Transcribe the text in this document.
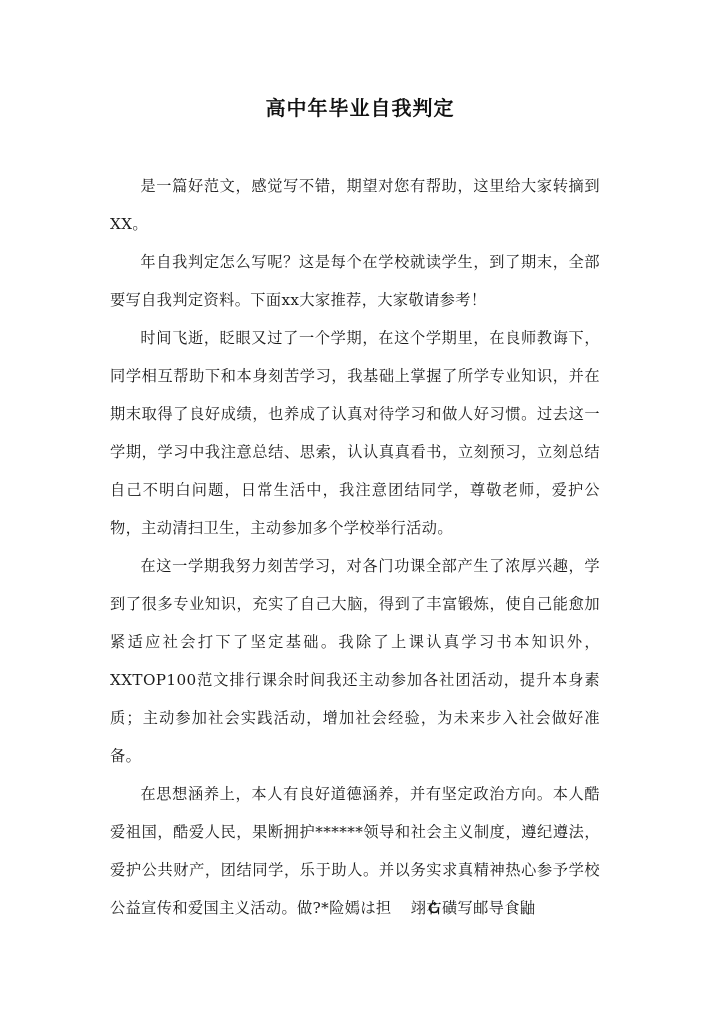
高中年毕业自我判定

是一篇好范文，感觉写不错，期望对您有帮助，这里给大家转摘到XX。

年自我判定怎么写呢？这是每个在学校就读学生，到了期末，全部要写自我判定资料。下面xx大家推荐，大家敬请参考！

时间飞逝，眨眼又过了一个学期，在这个学期里，在良师教诲下，同学相互帮助下和本身刻苦学习，我基础上掌握了所学专业知识，并在期末取得了良好成绩，也养成了认真对待学习和做人好习惯。过去这一学期，学习中我注意总结、思索，认认真真看书，立刻预习，立刻总结自己不明白问题，日常生活中，我注意团结同学，尊敬老师，爱护公物，主动清扫卫生，主动参加多个学校举行活动。

在这一学期我努力刻苦学习，对各门功课全部产生了浓厚兴趣，学到了很多专业知识，充实了自己大脑，得到了丰富锻炼，使自己能愈加紧适应社会打下了坚定基础。我除了上课认真学习书本知识外，XXTOP100范文排行课余时间我还主动参加各社团活动，提升本身素质；主动参加社会实践活动，增加社会经验，为未来步入社会做好准备。

在思想涵养上，本人有良好道德涵养，并有坚定政治方向。本人酷爱祖国，酷爱人民，果断拥护******领导和社会主义制度，遵纪遵法，爱护公共财产，团结同学，乐于助人。并以务实求真精神热心参予学校公益宣传和爱国主义活动。做?*险嫣は担 翊右磺写邮导食鼬
